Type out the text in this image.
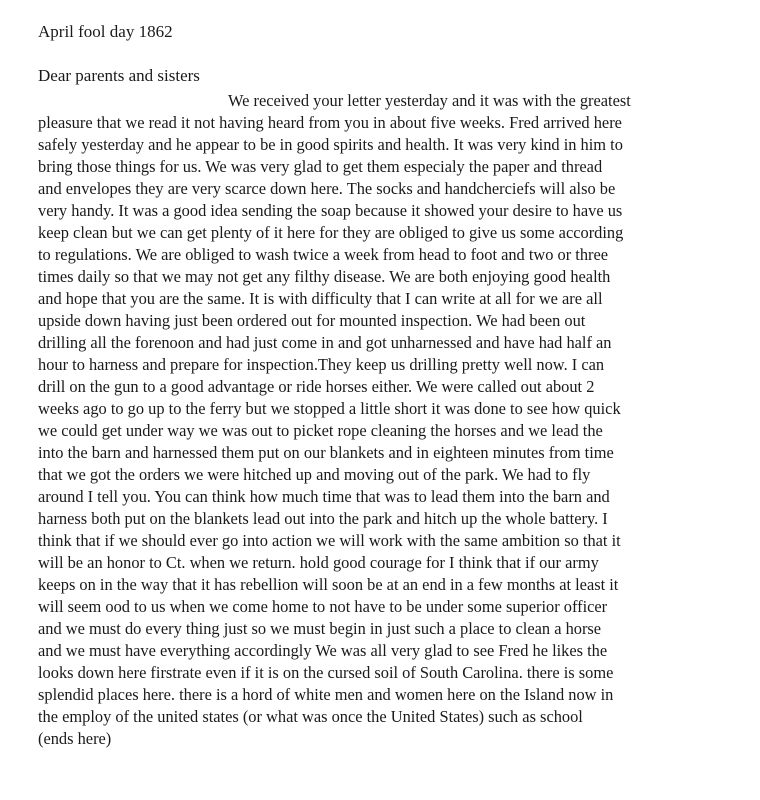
April fool day 1862
Dear parents and sisters
We received your letter yesterday and it was with the greatest
pleasure that we read it not having heard from you in about five weeks. Fred arrived here
safely yesterday and he appear to be in good spirits and health. It was very kind in him to
bring those things for us. We was very glad to get them especialy the paper and thread
and envelopes they are very scarce down here. The socks and handcherciefs will also be
very handy. It was a good idea sending the soap because it showed your desire to have us
keep clean but we can get plenty of it here for they are obliged to give us some according
to regulations. We are obliged to wash twice a week from head to foot and two or three
times daily so that we may not get any filthy disease. We are both enjoying good health
and hope that you are the same. It is with difficulty that I can write at all for we are all
upside down having just been ordered out for mounted inspection. We had been out
drilling all the forenoon and had just come in and got unharnessed and have had half an
hour to harness and prepare for inspection.They keep us drilling pretty well now. I can
drill on the gun to a good advantage or ride horses either. We were called out about 2
weeks ago to go up to the ferry but we stopped a little short it was done to see how quick
we could get under way we was out to picket rope cleaning the horses and we lead the
into the barn and harnessed them put on our blankets and in eighteen minutes from time
that we got the orders we were hitched up and moving out of the park. We had to fly
around I tell you. You can think how much time that was to lead them into the barn and
harness both put on the blankets lead out into the park and hitch up the whole battery. I
think that if we should ever go into action we will work with the same ambition so that it
will be an honor to Ct. when we return. hold good courage for I think that if our army
keeps on in the way that it has rebellion will soon be at an end in a few months at least it
will seem ood to us when we come home to not have to be under some superior officer
and we must do every thing just so we must begin in just such a place to clean a horse
and we must have everything accordingly We was all very glad to see Fred he likes the
looks down here firstrate even if it is on the cursed soil of South Carolina. there is some
splendid places here. there is a hord of white men and women here on the Island now in
the employ of the united states (or what was once the United States) such as school
(ends here)
